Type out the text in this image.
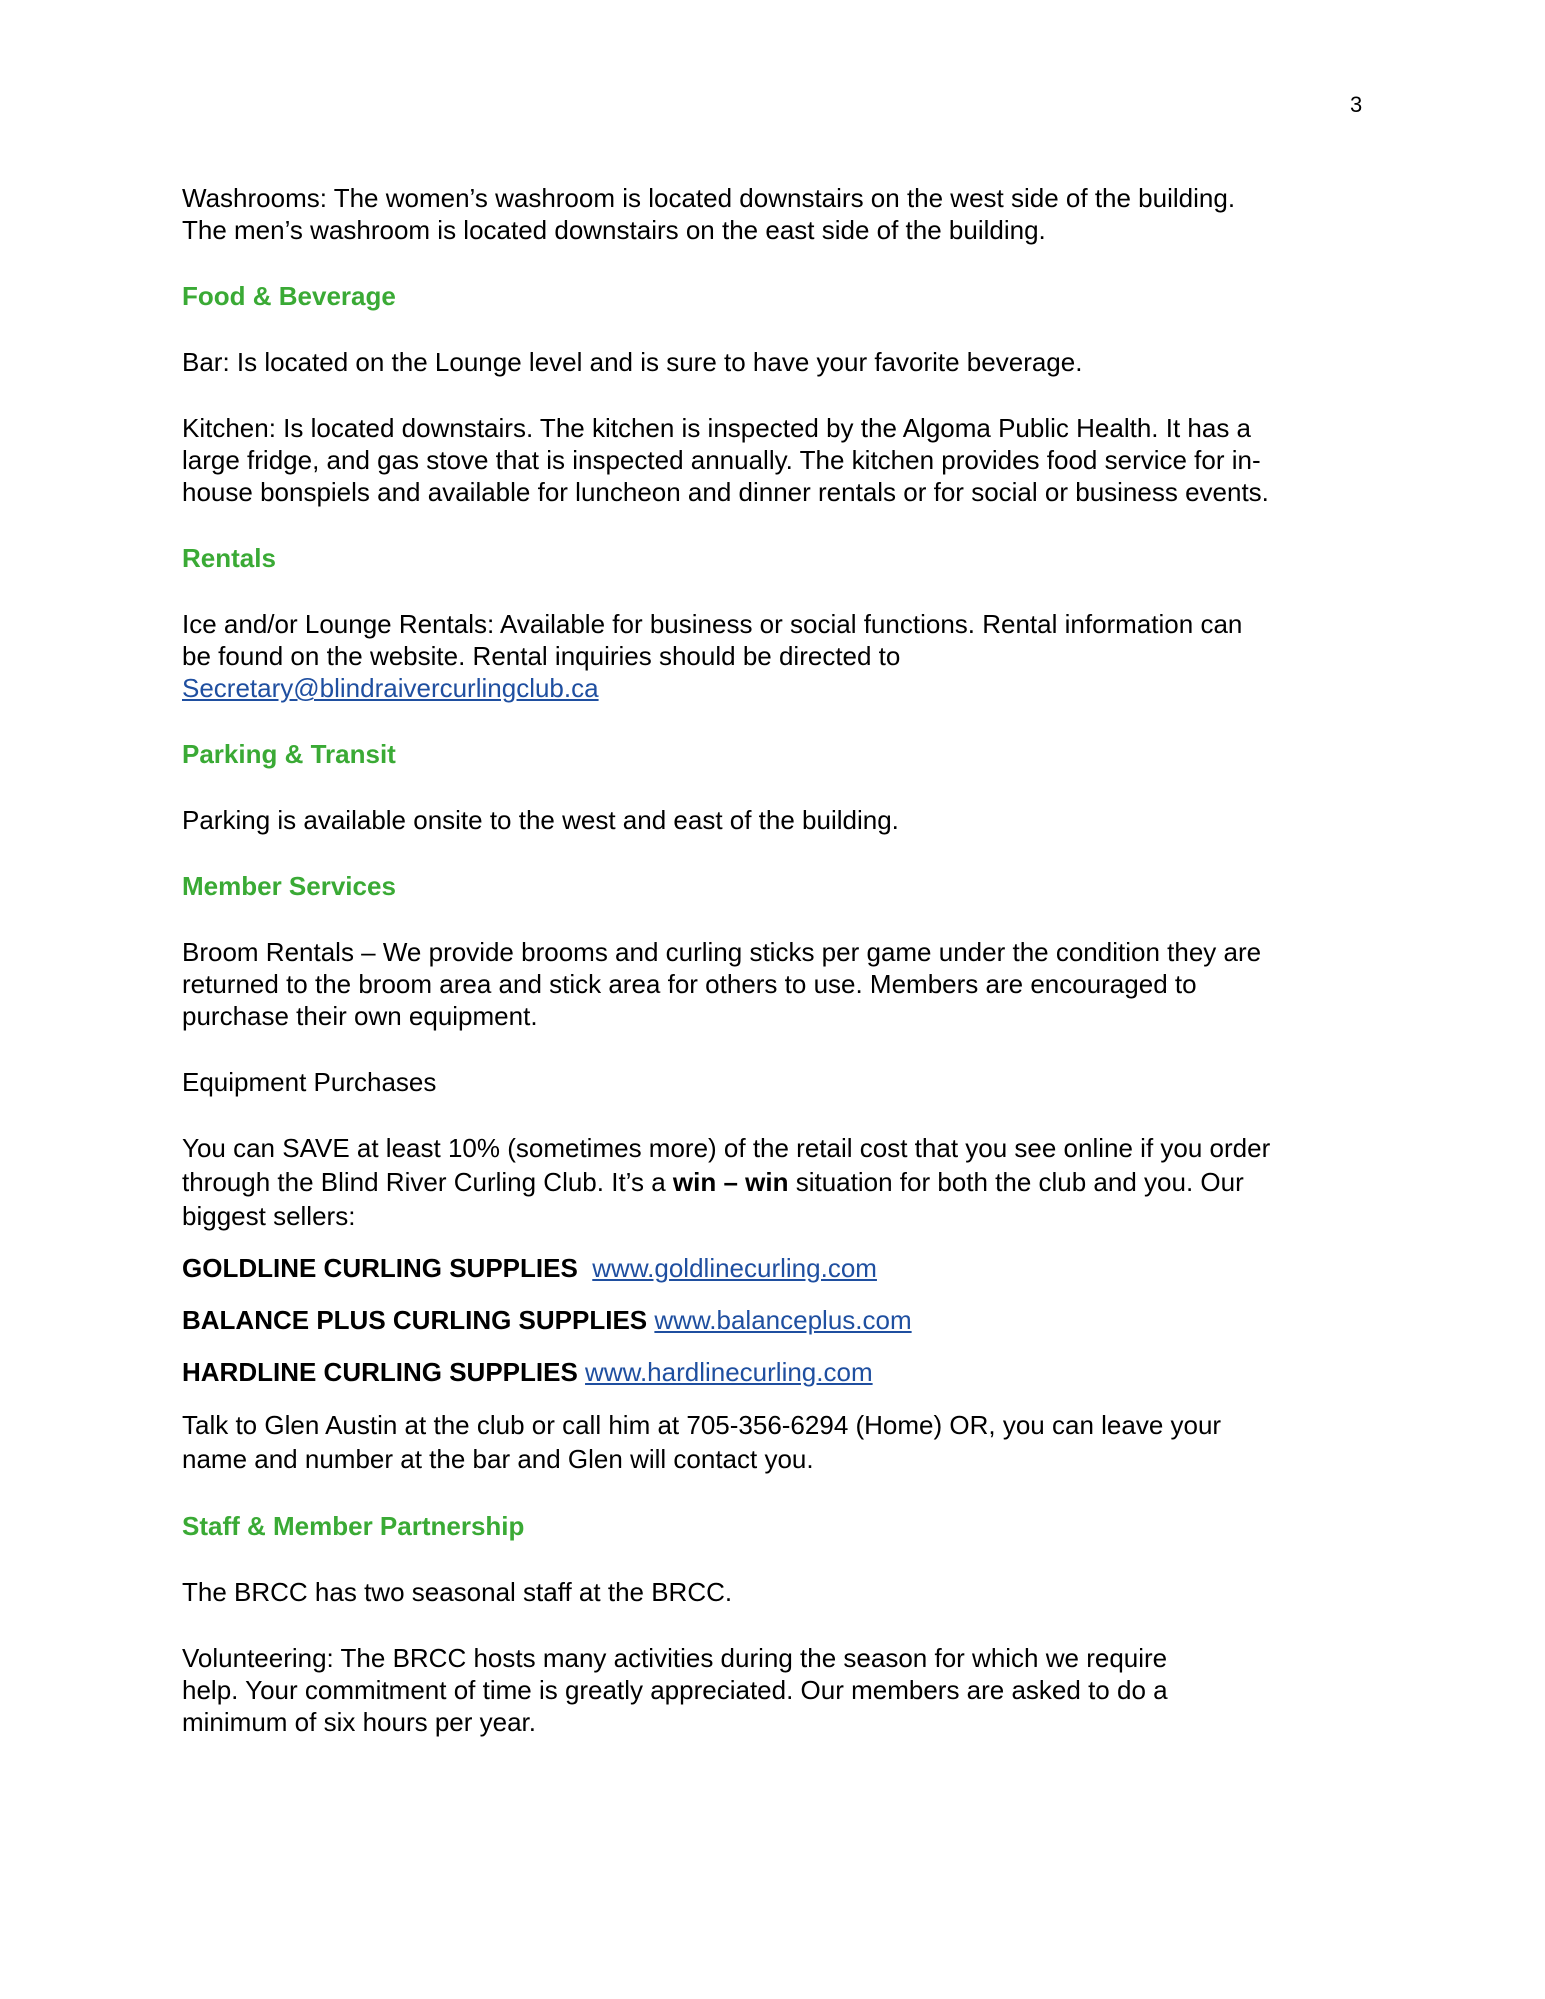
3

Washrooms: The women’s washroom is located downstairs on the west side of the building.

The men’s washroom is located downstairs on the east side of the building.

Food & Beverage

Bar: Is located on the Lounge level and is sure to have your favorite beverage.

Kitchen: Is located downstairs. The kitchen is inspected by the Algoma Public Health. It has a

large fridge, and gas stove that is inspected annually. The kitchen provides food service for in-

house bonspiels and available for luncheon and dinner rentals or for social or business events.

Rentals

Ice and/or Lounge Rentals: Available for business or social functions. Rental information can

be found on the website. Rental inquiries should be directed to

Secretary@blindraivercurlingclub.ca

Parking & Transit

Parking is available onsite to the west and east of the building.

Member Services

Broom Rentals – We provide brooms and curling sticks per game under the condition they are

returned to the broom area and stick area for others to use. Members are encouraged to

purchase their own equipment.

Equipment Purchases

You can SAVE at least 10% (sometimes more) of the retail cost that you see online if you order

through the Blind River Curling Club. It’s a win – win situation for both the club and you. Our

biggest sellers:

GOLDLINE CURLING SUPPLIES www.goldlinecurling.com

BALANCE PLUS CURLING SUPPLIES www.balanceplus.com

HARDLINE CURLING SUPPLIES www.hardlinecurling.com

Talk to Glen Austin at the club or call him at 705-356-6294 (Home) OR, you can leave your

name and number at the bar and Glen will contact you.

Staff & Member Partnership

The BRCC has two seasonal staff at the BRCC.

Volunteering: The BRCC hosts many activities during the season for which we require

help. Your commitment of time is greatly appreciated. Our members are asked to do a

minimum of six hours per year.
